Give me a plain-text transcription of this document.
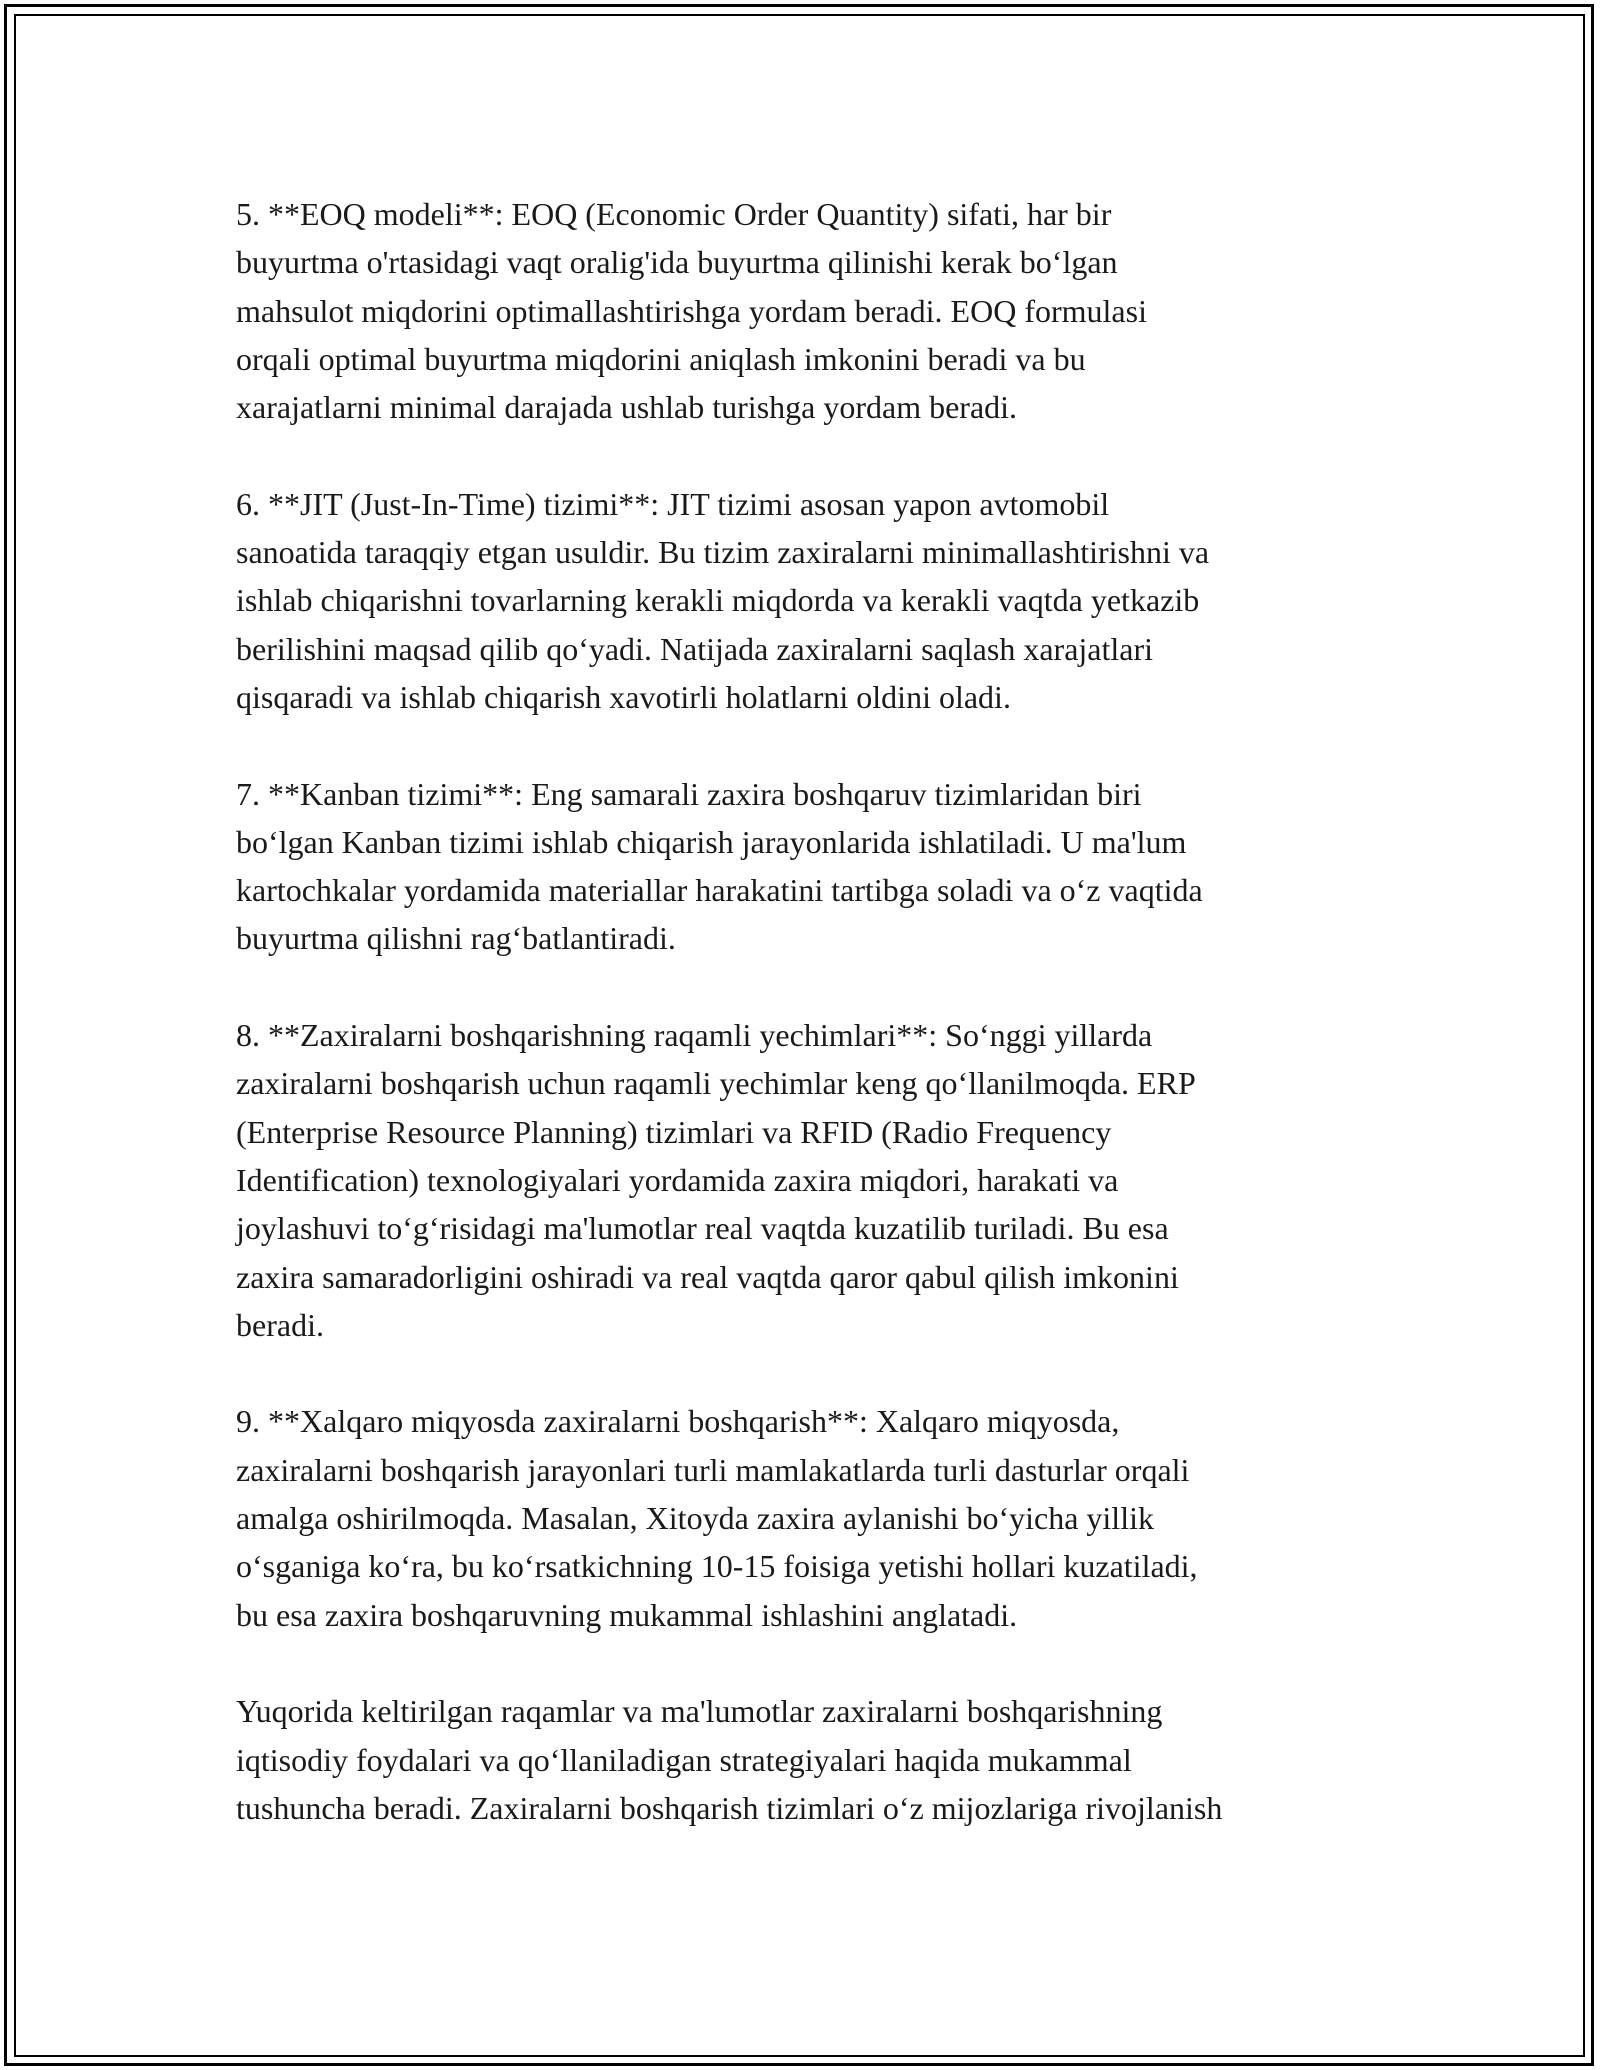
5. **EOQ modeli**: EOQ (Economic Order Quantity) sifati, har bir
buyurtma o'rtasidagi vaqt oralig'ida buyurtma qilinishi kerak bo‘lgan
mahsulot miqdorini optimallashtirishga yordam beradi. EOQ formulasi
orqali optimal buyurtma miqdorini aniqlash imkonini beradi va bu
xarajatlarni minimal darajada ushlab turishga yordam beradi.

6. **JIT (Just-In-Time) tizimi**: JIT tizimi asosan yapon avtomobil
sanoatida taraqqiy etgan usuldir. Bu tizim zaxiralarni minimallashtirishni va
ishlab chiqarishni tovarlarning kerakli miqdorda va kerakli vaqtda yetkazib
berilishini maqsad qilib qo‘yadi. Natijada zaxiralarni saqlash xarajatlari
qisqaradi va ishlab chiqarish xavotirli holatlarni oldini oladi.

7. **Kanban tizimi**: Eng samarali zaxira boshqaruv tizimlaridan biri
bo‘lgan Kanban tizimi ishlab chiqarish jarayonlarida ishlatiladi. U ma'lum
kartochkalar yordamida materiallar harakatini tartibga soladi va o‘z vaqtida
buyurtma qilishni rag‘batlantiradi.

8. **Zaxiralarni boshqarishning raqamli yechimlari**: So‘nggi yillarda
zaxiralarni boshqarish uchun raqamli yechimlar keng qo‘llanilmoqda. ERP
(Enterprise Resource Planning) tizimlari va RFID (Radio Frequency
Identification) texnologiyalari yordamida zaxira miqdori, harakati va
joylashuvi to‘g‘risidagi ma'lumotlar real vaqtda kuzatilib turiladi. Bu esa
zaxira samaradorligini oshiradi va real vaqtda qaror qabul qilish imkonini
beradi.

9. **Xalqaro miqyosda zaxiralarni boshqarish**: Xalqaro miqyosda,
zaxiralarni boshqarish jarayonlari turli mamlakatlarda turli dasturlar orqali
amalga oshirilmoqda. Masalan, Xitoyda zaxira aylanishi bo‘yicha yillik
o‘sganiga ko‘ra, bu ko‘rsatkichning 10-15 foisiga yetishi hollari kuzatiladi,
bu esa zaxira boshqaruvning mukammal ishlashini anglatadi.

Yuqorida keltirilgan raqamlar va ma'lumotlar zaxiralarni boshqarishning
iqtisodiy foydalari va qo‘llaniladigan strategiyalari haqida mukammal
tushuncha beradi. Zaxiralarni boshqarish tizimlari o‘z mijozlariga rivojlanish
